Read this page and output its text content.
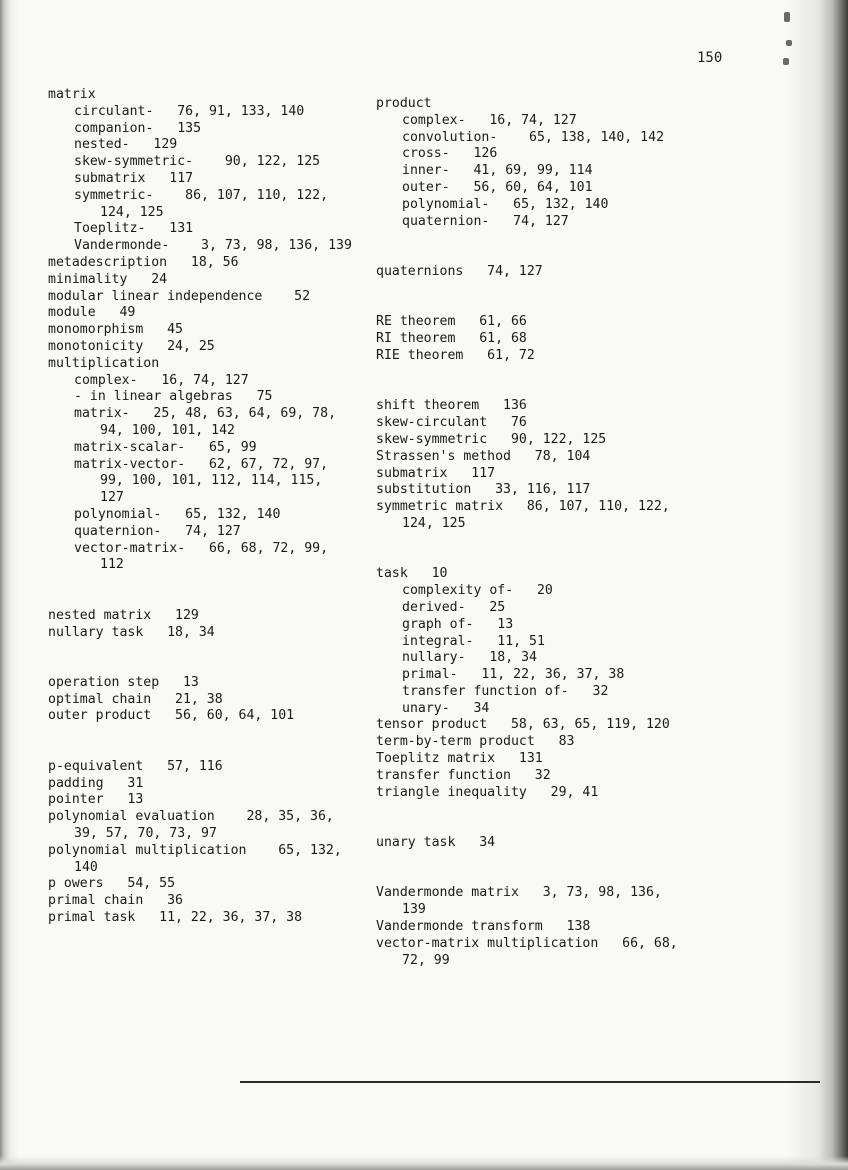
150
matrix
circulant-   76, 91, 133, 140
companion-   135
nested-   129
skew-symmetric-    90, 122, 125
submatrix   117
symmetric-    86, 107, 110, 122,
124, 125
Toeplitz-   131
Vandermonde-    3, 73, 98, 136, 139
metadescription   18, 56
minimality   24
modular linear independence    52
module   49
monomorphism   45
monotonicity   24, 25
multiplication
complex-   16, 74, 127
- in linear algebras   75
matrix-   25, 48, 63, 64, 69, 78,
94, 100, 101, 142
matrix-scalar-   65, 99
matrix-vector-   62, 67, 72, 97,
99, 100, 101, 112, 114, 115,
127
polynomial-   65, 132, 140
quaternion-   74, 127
vector-matrix-   66, 68, 72, 99,
112
nested matrix   129
nullary task   18, 34
operation step   13
optimal chain   21, 38
outer product   56, 60, 64, 101
p-equivalent   57, 116
padding   31
pointer   13
polynomial evaluation    28, 35, 36,
39, 57, 70, 73, 97
polynomial multiplication    65, 132,
140
p owers   54, 55
primal chain   36
primal task   11, 22, 36, 37, 38
product
complex-   16, 74, 127
convolution-    65, 138, 140, 142
cross-   126
inner-   41, 69, 99, 114
outer-   56, 60, 64, 101
polynomial-   65, 132, 140
quaternion-   74, 127
quaternions   74, 127
RE theorem   61, 66
RI theorem   61, 68
RIE theorem   61, 72
shift theorem   136
skew-circulant   76
skew-symmetric   90, 122, 125
Strassen's method   78, 104
submatrix   117
substitution   33, 116, 117
symmetric matrix   86, 107, 110, 122,
124, 125
task   10
complexity of-   20
derived-   25
graph of-   13
integral-   11, 51
nullary-   18, 34
primal-   11, 22, 36, 37, 38
transfer function of-   32
unary-   34
tensor product   58, 63, 65, 119, 120
term-by-term product   83
Toeplitz matrix   131
transfer function   32
triangle inequality   29, 41
unary task   34
Vandermonde matrix   3, 73, 98, 136,
139
Vandermonde transform   138
vector-matrix multiplication   66, 68,
72, 99
